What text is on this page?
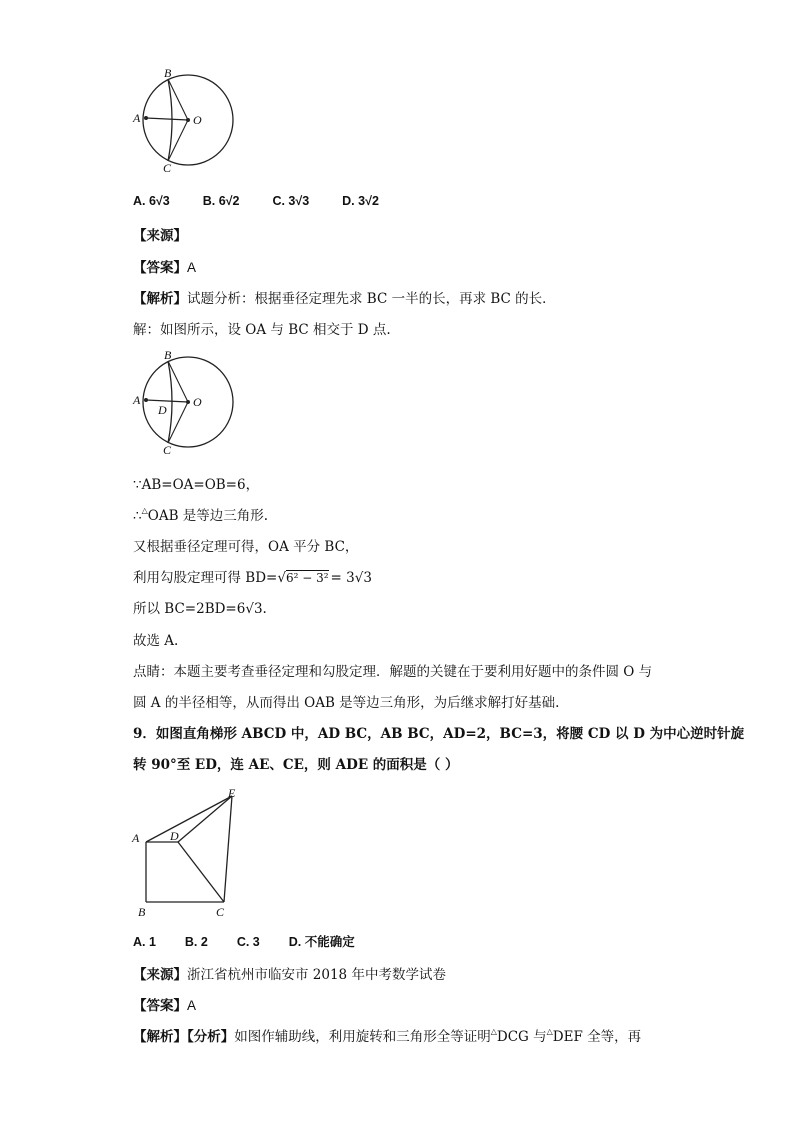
A
B
C
O
A. 6√3	B. 6√2	C. 3√3	D. 3√2
【来源】
【答案】A
【解析】试题分析：根据垂径定理先求 BC 一半的长，再求 BC 的长．
解：如图所示，设 OA 与 BC 相交于 D 点.
A
B
C
D
O
∵AB=OA=OB=6，
∴△OAB 是等边三角形.
又根据垂径定理可得，OA 平分 BC，
利用勾股定理可得 BD=√6² − 3² = 3√3
所以 BC=2BD=6√3.
故选 A.
点睛：本题主要考查垂径定理和勾股定理．解题的关键在于要利用好题中的条件圆 O 与
圆 A 的半径相等，从而得出 OAB 是等边三角形，为后继求解打好基础.
9．如图直角梯形 ABCD 中，AD BC，AB BC，AD=2，BC=3，将腰 CD 以 D 为中心逆时针旋
转 90°至 ED，连 AE、CE，则 ADE 的面积是（ ）
A
B	C
D
E
A. 1 B. 2 C. 3 D. 不能确定
【来源】浙江省杭州市临安市 2018 年中考数学试卷
【答案】A
【解析】【分析】如图作辅助线，利用旋转和三角形全等证明△DCG 与△DEF 全等，再
